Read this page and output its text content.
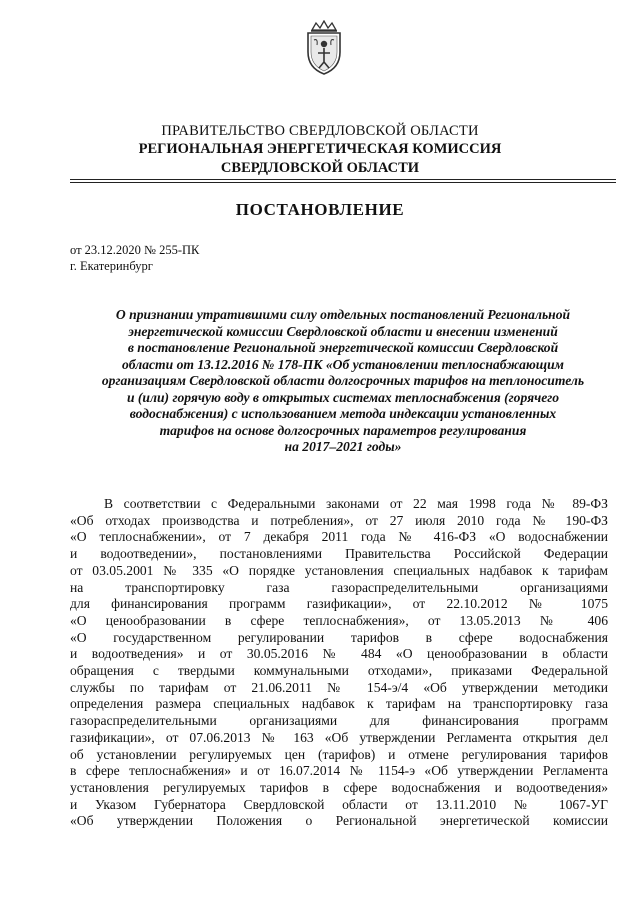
ПРАВИТЕЛЬСТВО СВЕРДЛОВСКОЙ ОБЛАСТИ
РЕГИОНАЛЬНАЯ ЭНЕРГЕТИЧЕСКАЯ КОМИССИЯ
СВЕРДЛОВСКОЙ ОБЛАСТИ
ПОСТАНОВЛЕНИЕ
от 23.12.2020 № 255-ПК
г. Екатеринбург
О признании утратившими силу отдельных постановлений Региональной
энергетической комиссии Свердловской области и внесении изменений
в постановление Региональной энергетической комиссии Свердловской
области от 13.12.2016 № 178-ПК «Об установлении теплоснабжающим
организациям Свердловской области долгосрочных тарифов на теплоноситель
и (или) горячую воду в открытых системах теплоснабжения (горячего
водоснабжения) с использованием метода индексации установленных
тарифов на основе долгосрочных параметров регулирования
на 2017–2021 годы»
В соответствии с Федеральными законами от 22 мая 1998 года № 89-ФЗ
«Об отходах производства и потребления», от 27 июля 2010 года № 190-ФЗ
«О теплоснабжении», от 7 декабря 2011 года № 416-ФЗ «О водоснабжении
и водоотведении», постановлениями Правительства Российской Федерации
от 03.05.2001 № 335 «О порядке установления специальных надбавок к тарифам
на транспортировку газа газораспределительными организациями
для финансирования программ газификации», от 22.10.2012 № 1075
«О ценообразовании в сфере теплоснабжения», от 13.05.2013 № 406
«О государственном регулировании тарифов в сфере водоснабжения
и водоотведения» и от 30.05.2016 № 484 «О ценообразовании в области
обращения с твердыми коммунальными отходами», приказами Федеральной
службы по тарифам от 21.06.2011 № 154-э/4 «Об утверждении методики
определения размера специальных надбавок к тарифам на транспортировку газа
газораспределительными организациями для финансирования программ
газификации», от 07.06.2013 № 163 «Об утверждении Регламента открытия дел
об установлении регулируемых цен (тарифов) и отмене регулирования тарифов
в сфере теплоснабжения» и от 16.07.2014 № 1154-э «Об утверждении Регламента
установления регулируемых тарифов в сфере водоснабжения и водоотведения»
и Указом Губернатора Свердловской области от 13.11.2010 № 1067-УГ
«Об утверждении Положения о Региональной энергетической комиссии
